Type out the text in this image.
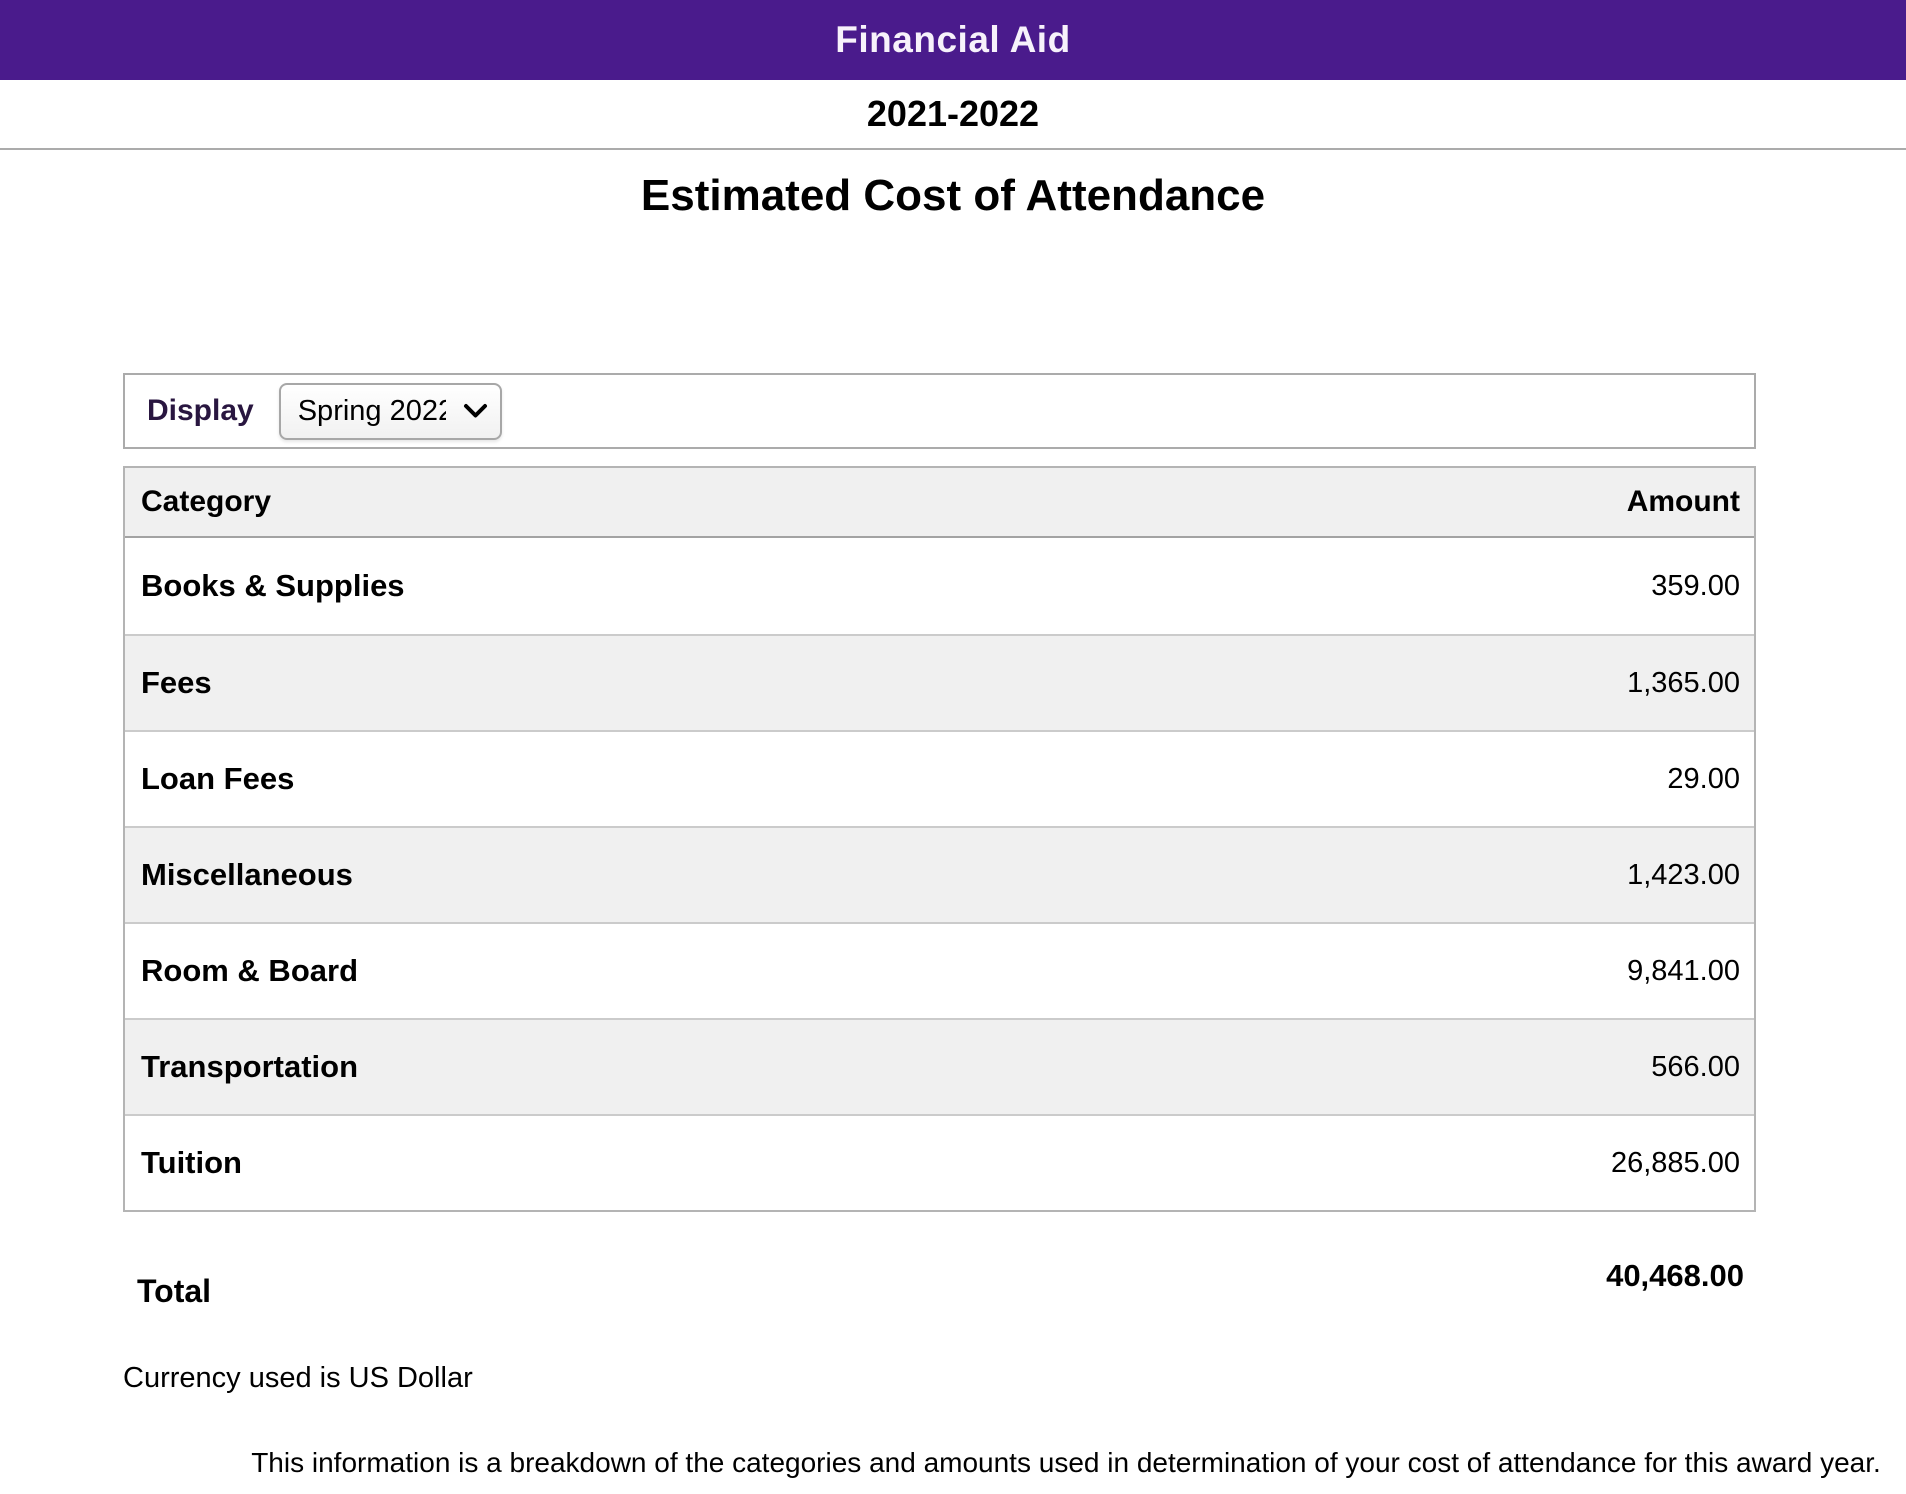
Financial Aid
2021-2022
Estimated Cost of Attendance
Display
Spring 2022
Category	Amount
Books & Supplies	359.00
Fees	1,365.00
Loan Fees	29.00
Miscellaneous	1,423.00
Room & Board	9,841.00
Transportation	566.00
Tuition	26,885.00
Total	40,468.00
Currency used is US Dollar
This information is a breakdown of the categories and amounts used in determination of your cost of attendance for this award year.
